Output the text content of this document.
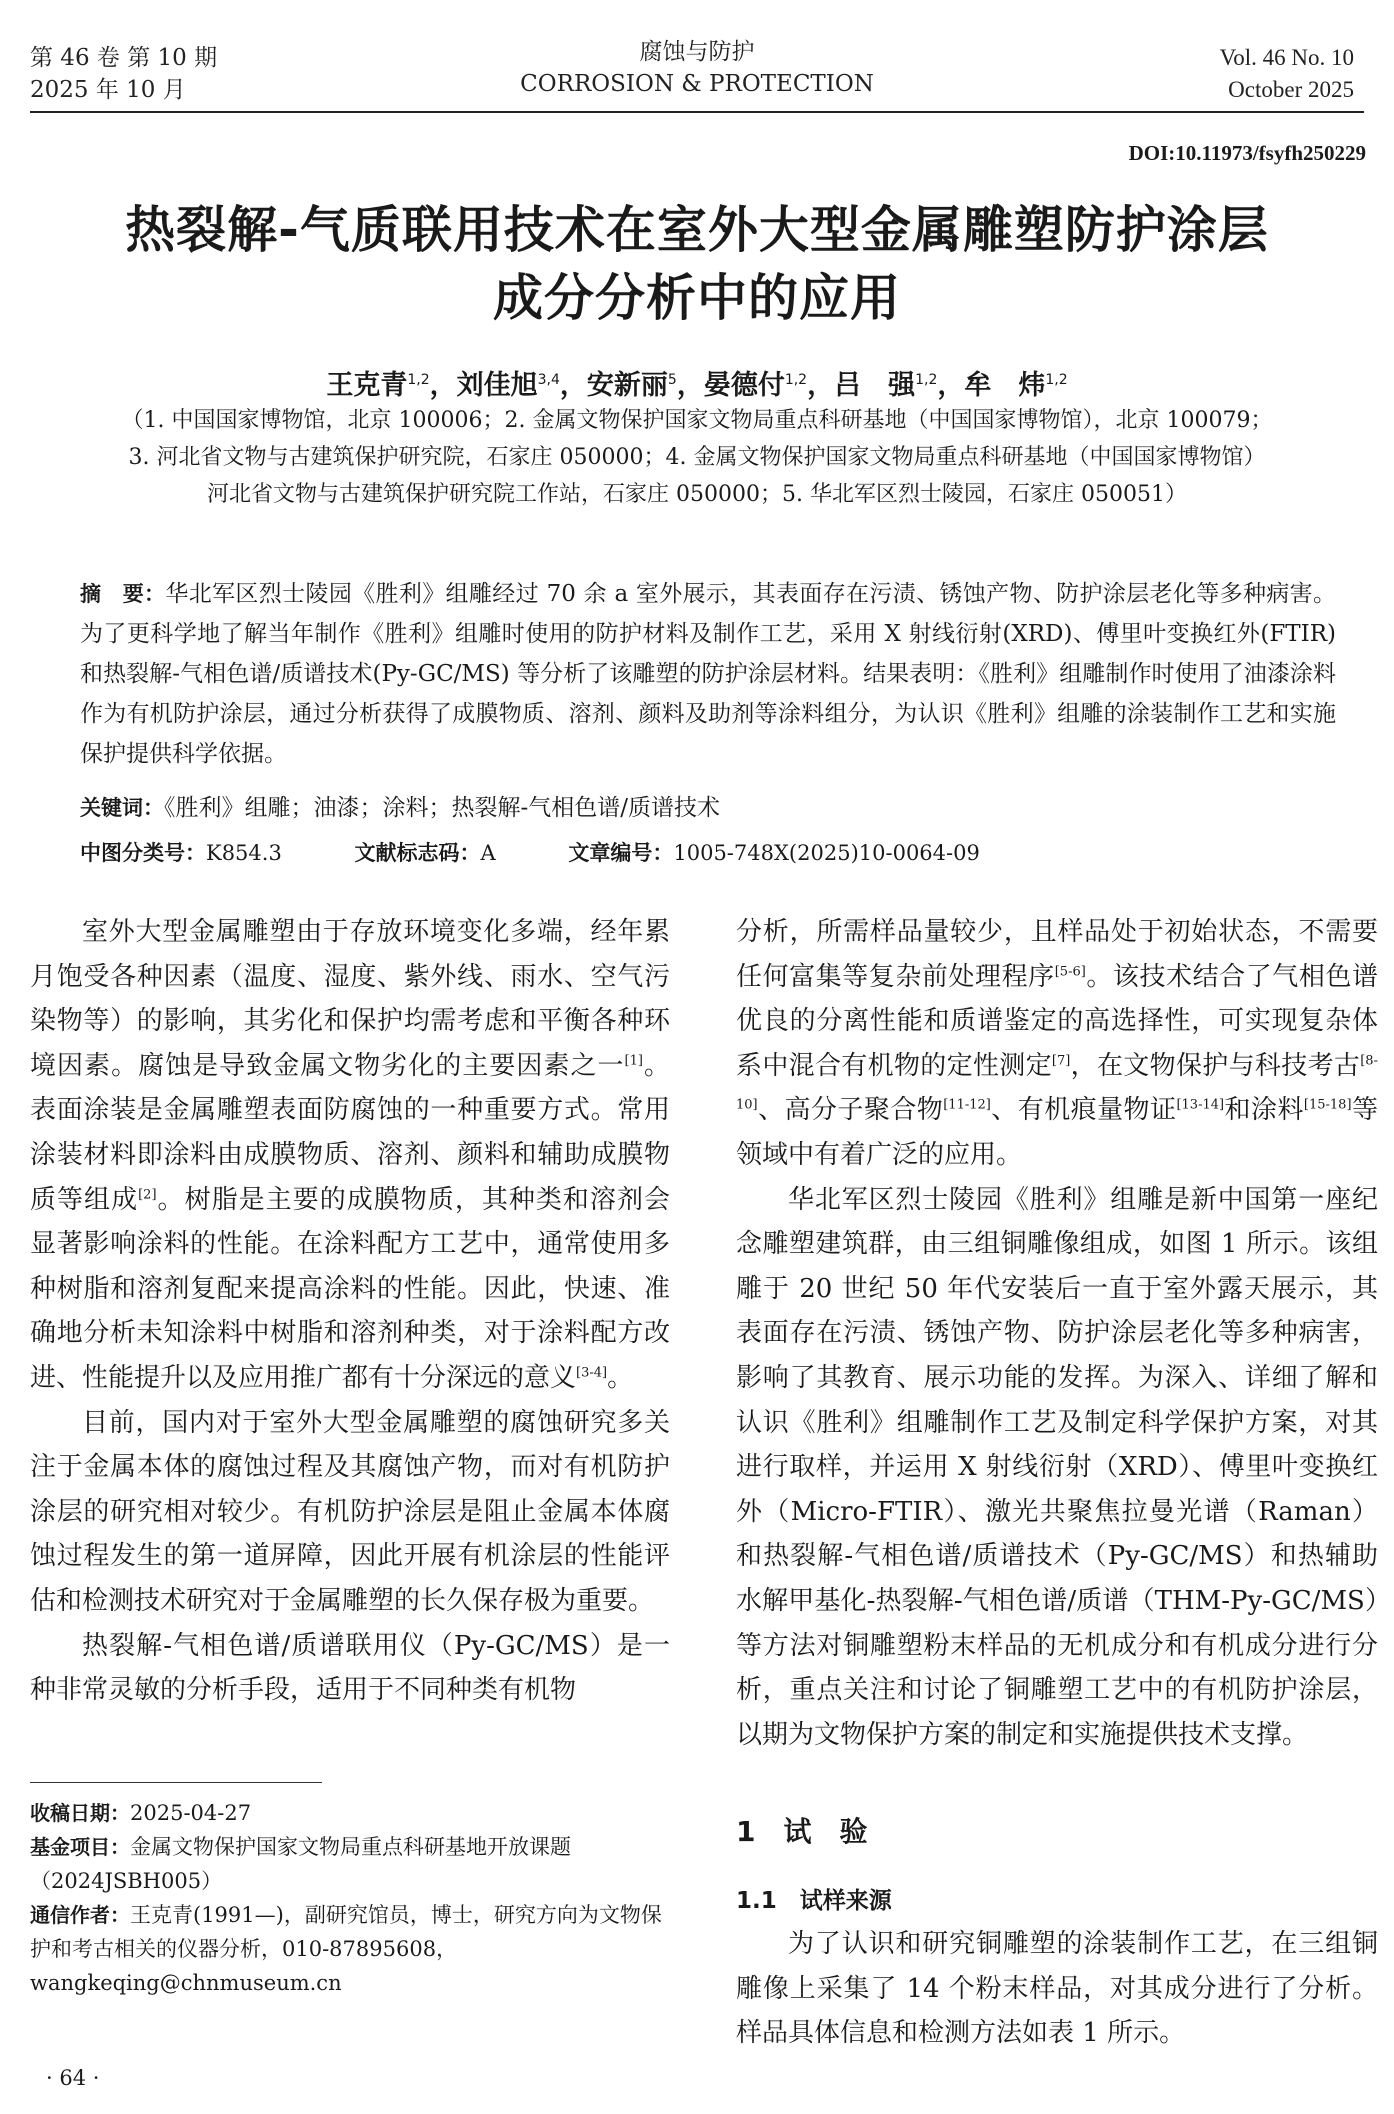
第 46 卷 第 10 期
2025 年 10 月
腐蚀与防护
CORROSION & PROTECTION
Vol. 46 No. 10
October 2025
DOI:10.11973/fsyfh250229
热裂解-气质联用技术在室外大型金属雕塑防护涂层
成分分析中的应用
王克青$^{1,2}$，刘佳旭$^{3,4}$，安新丽$^5$，晏德付$^{1,2}$，吕　强$^{1,2}$，牟　炜$^{1,2}$
（1. 中国国家博物馆，北京 100006；2. 金属文物保护国家文物局重点科研基地（中国国家博物馆），北京 100079；
3. 河北省文物与古建筑保护研究院，石家庄 050000；4. 金属文物保护国家文物局重点科研基地（中国国家博物馆）
河北省文物与古建筑保护研究院工作站，石家庄 050000；5. 华北军区烈士陵园，石家庄 050051）
摘　要：华北军区烈士陵园《胜利》组雕经过 70 余 a 室外展示，其表面存在污渍、锈蚀产物、防护涂层老化等多种病害。为了更科学地了解当年制作《胜利》组雕时使用的防护材料及制作工艺，采用 X 射线衍射(XRD)、傅里叶变换红外(FTIR)和热裂解-气相色谱/质谱技术(Py-GC/MS) 等分析了该雕塑的防护涂层材料。结果表明：《胜利》组雕制作时使用了油漆涂料作为有机防护涂层，通过分析获得了成膜物质、溶剂、颜料及助剂等涂料组分，为认识《胜利》组雕的涂装制作工艺和实施保护提供科学依据。
关键词：《胜利》组雕；油漆；涂料；热裂解-气相色谱/质谱技术
中图分类号：K854.3	文献标志码：A	文章编号：1005-748X(2025)10-0064-09

室外大型金属雕塑由于存放环境变化多端，经年累月饱受各种因素（温度、湿度、紫外线、雨水、空气污染物等）的影响，其劣化和保护均需考虑和平衡各种环境因素。腐蚀是导致金属文物劣化的主要因素之一[1]。表面涂装是金属雕塑表面防腐蚀的一种重要方式。常用涂装材料即涂料由成膜物质、溶剂、颜料和辅助成膜物质等组成[2]。树脂是主要的成膜物质，其种类和溶剂会显著影响涂料的性能。在涂料配方工艺中，通常使用多种树脂和溶剂复配来提高涂料的性能。因此，快速、准确地分析未知涂料中树脂和溶剂种类，对于涂料配方改进、性能提升以及应用推广都有十分深远的意义[3-4]。

目前，国内对于室外大型金属雕塑的腐蚀研究多关注于金属本体的腐蚀过程及其腐蚀产物，而对有机防护涂层的研究相对较少。有机防护涂层是阻止金属本体腐蚀过程发生的第一道屏障，因此开展有机涂层的性能评估和检测技术研究对于金属雕塑的长久保存极为重要。

热裂解-气相色谱/质谱联用仪（Py-GC/MS）是一种非常灵敏的分析手段，适用于不同种类有机物

收稿日期：2025-04-27
基金项目：金属文物保护国家文物局重点科研基地开放课题（2024JSBH005）
通信作者：王克青(1991—)，副研究馆员，博士，研究方向为文物保护和考古相关的仪器分析，010-87895608，wangkeqing@chnmuseum.cn
· 64 ·

分析，所需样品量较少，且样品处于初始状态，不需要任何富集等复杂前处理程序[5-6]。该技术结合了气相色谱优良的分离性能和质谱鉴定的高选择性，可实现复杂体系中混合有机物的定性测定[7]，在文物保护与科技考古[8-10]、高分子聚合物[11-12]、有机痕量物证[13-14]和涂料[15-18]等领域中有着广泛的应用。

华北军区烈士陵园《胜利》组雕是新中国第一座纪念雕塑建筑群，由三组铜雕像组成，如图 1 所示。该组雕于 20 世纪 50 年代安装后一直于室外露天展示，其表面存在污渍、锈蚀产物、防护涂层老化等多种病害，影响了其教育、展示功能的发挥。为深入、详细了解和认识《胜利》组雕制作工艺及制定科学保护方案，对其进行取样，并运用 X 射线衍射（XRD）、傅里叶变换红外（Micro-FTIR）、激光共聚焦拉曼光谱（Raman）和热裂解-气相色谱/质谱技术（Py-GC/MS）和热辅助水解甲基化-热裂解-气相色谱/质谱（THM-Py-GC/MS）等方法对铜雕塑粉末样品的无机成分和有机成分进行分析，重点关注和讨论了铜雕塑工艺中的有机防护涂层，以期为文物保护方案的制定和实施提供技术支撑。

1　试　验
1.1　试样来源

为了认识和研究铜雕塑的涂装制作工艺，在三组铜雕像上采集了 14 个粉末样品，对其成分进行了分析。样品具体信息和检测方法如表 1 所示。
